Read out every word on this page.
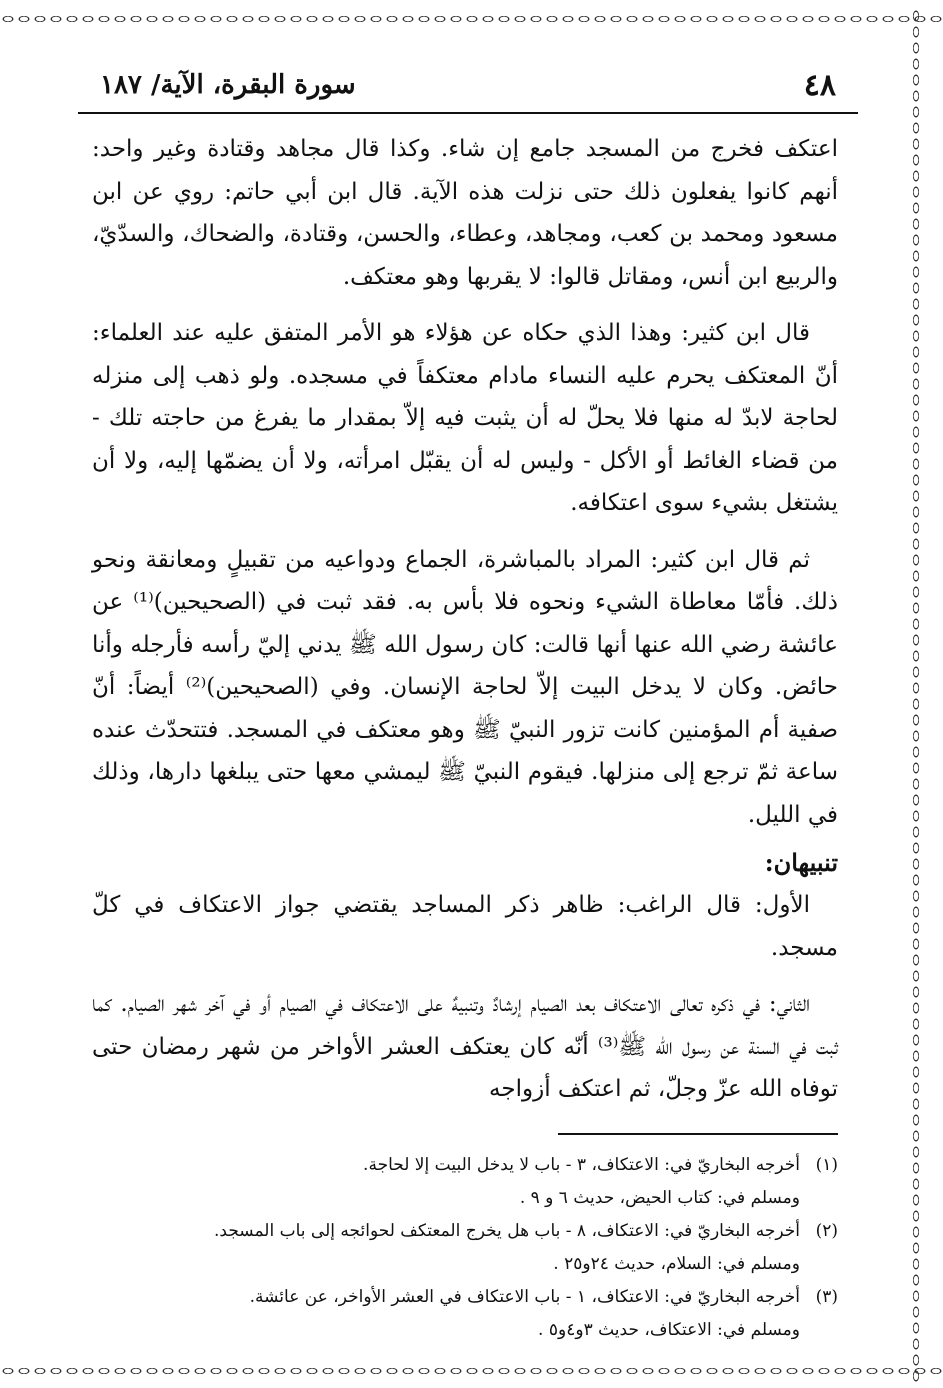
٤٨
سورة البقرة، الآية/ ١٨٧

اعتكف فخرج من المسجد جامع إن شاء. وكذا قال مجاهد وقتادة وغير واحد: أنهم كانوا يفعلون ذلك حتى نزلت هذه الآية. قال ابن أبي حاتم: روي عن ابن مسعود ومحمد بن كعب، ومجاهد، وعطاء، والحسن، وقتادة، والضحاك، والسدّيّ، والربيع ابن أنس، ومقاتل قالوا: لا يقربها وهو معتكف.

قال ابن كثير: وهذا الذي حكاه عن هؤلاء هو الأمر المتفق عليه عند العلماء: أنّ المعتكف يحرم عليه النساء مادام معتكفاً في مسجده. ولو ذهب إلى منزله لحاجة لابدّ له منها فلا يحلّ له أن يثبت فيه إلاّ بمقدار ما يفرغ من حاجته تلك - من قضاء الغائط أو الأكل - وليس له أن يقبّل امرأته، ولا أن يضمّها إليه، ولا أن يشتغل بشيء سوى اعتكافه.

ثم قال ابن كثير: المراد بالمباشرة، الجماع ودواعيه من تقبيلٍ ومعانقة ونحو ذلك. فأمّا معاطاة الشيء ونحوه فلا بأس به. فقد ثبت في (الصحيحين)⁽¹⁾ عن عائشة رضي الله عنها أنها قالت: كان رسول الله ﷺ يدني إليّ رأسه فأرجله وأنا حائض. وكان لا يدخل البيت إلاّ لحاجة الإنسان. وفي (الصحيحين)⁽²⁾ أيضاً: أنّ صفية أم المؤمنين كانت تزور النبيّ ﷺ وهو معتكف في المسجد. فتتحدّث عنده ساعة ثمّ ترجع إلى منزلها. فيقوم النبيّ ﷺ ليمشي معها حتى يبلغها دارها، وذلك في الليل.

تنبيهان:

الأول: قال الراغب: ظاهر ذكر المساجد يقتضي جواز الاعتكاف في كلّ مسجد.

الثاني: في ذكره تعالى الاعتكاف بعد الصيام إرشادٌ وتنبيهٌ على الاعتكاف في الصيام أو في آخر شهر الصيام. كما ثبت في السنة عن رسول الله ﷺ⁽³⁾ أنّه كان يعتكف العشر الأواخر من شهر رمضان حتى توفاه الله عزّ وجلّ، ثم اعتكف أزواجه

(١)أخرجه البخاريّ في: الاعتكاف، ٣ - باب لا يدخل البيت إلا لحاجة.

ومسلم في: كتاب الحيض، حديث ٦ و ٩ .

(٢)أخرجه البخاريّ في: الاعتكاف، ٨ - باب هل يخرج المعتكف لحوائجه إلى باب المسجد.

ومسلم في: السلام، حديث ٢٤و٢٥ .

(٣)أخرجه البخاريّ في: الاعتكاف، ١ - باب الاعتكاف في العشر الأواخر، عن عائشة.

ومسلم في: الاعتكاف، حديث ٣و٤و٥ .
